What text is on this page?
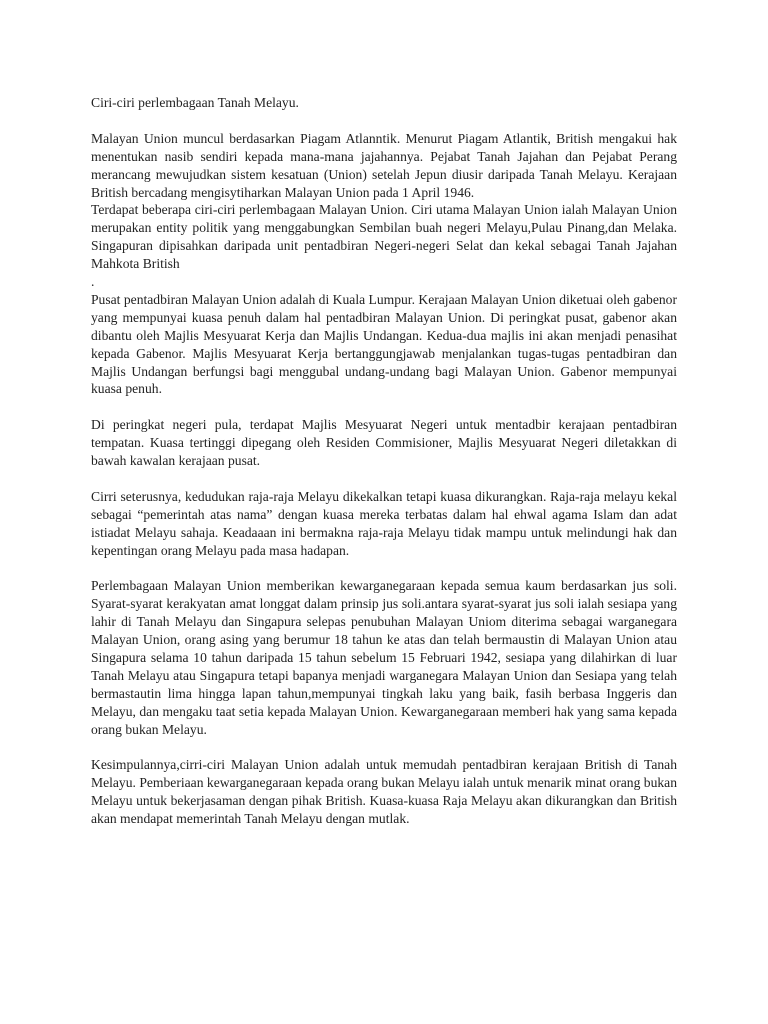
Ciri-ciri perlembagaan Tanah Melayu.

Malayan Union muncul berdasarkan Piagam Atlanntik. Menurut Piagam Atlantik, British mengakui hak menentukan nasib sendiri kepada mana-mana jajahannya. Pejabat Tanah Jajahan dan Pejabat Perang merancang mewujudkan sistem kesatuan (Union) setelah Jepun diusir daripada Tanah Melayu. Kerajaan British bercadang mengisytiharkan Malayan Union pada 1 April 1946.

Terdapat beberapa ciri-ciri perlembagaan Malayan Union. Ciri utama Malayan Union ialah Malayan Union merupakan entity politik yang menggabungkan Sembilan buah negeri Melayu,Pulau Pinang,dan Melaka. Singapuran dipisahkan daripada unit pentadbiran Negeri-negeri Selat dan kekal sebagai Tanah Jajahan Mahkota British

.

Pusat pentadbiran Malayan Union adalah di Kuala Lumpur. Kerajaan Malayan Union diketuai oleh gabenor yang mempunyai kuasa penuh dalam hal pentadbiran Malayan Union. Di peringkat pusat, gabenor akan dibantu oleh Majlis Mesyuarat Kerja dan Majlis Undangan. Kedua-dua majlis ini akan menjadi penasihat kepada Gabenor. Majlis Mesyuarat Kerja bertanggungjawab menjalankan tugas-tugas pentadbiran dan Majlis Undangan berfungsi bagi menggubal undang-undang bagi Malayan Union. Gabenor mempunyai kuasa penuh.

Di peringkat negeri pula, terdapat Majlis Mesyuarat Negeri untuk mentadbir kerajaan pentadbiran tempatan. Kuasa tertinggi dipegang oleh Residen Commisioner, Majlis Mesyuarat Negeri diletakkan di bawah kawalan kerajaan pusat.

Cirri seterusnya, kedudukan raja-raja Melayu dikekalkan tetapi kuasa dikurangkan. Raja-raja melayu kekal sebagai “pemerintah atas nama” dengan kuasa mereka terbatas dalam hal ehwal agama Islam dan adat istiadat Melayu sahaja. Keadaaan ini bermakna raja-raja Melayu tidak mampu untuk melindungi hak dan kepentingan orang Melayu pada masa hadapan.

Perlembagaan Malayan Union memberikan kewarganegaraan kepada semua kaum berdasarkan jus soli. Syarat-syarat kerakyatan amat longgat dalam prinsip jus soli.antara syarat-syarat jus soli ialah sesiapa yang lahir di Tanah Melayu dan Singapura selepas penubuhan Malayan Uniom diterima sebagai warganegara Malayan Union, orang asing yang berumur 18 tahun ke atas dan telah bermaustin di Malayan Union atau Singapura selama 10 tahun daripada 15 tahun sebelum 15 Februari 1942, sesiapa yang dilahirkan di luar Tanah Melayu atau Singapura tetapi bapanya menjadi warganegara Malayan Union dan Sesiapa yang telah bermastautin lima hingga lapan tahun,mempunyai tingkah laku yang baik, fasih berbasa Inggeris dan Melayu, dan mengaku taat setia kepada Malayan Union. Kewarganegaraan memberi hak yang sama kepada orang bukan Melayu.

Kesimpulannya,cirri-ciri Malayan Union adalah untuk memudah pentadbiran kerajaan British di Tanah Melayu. Pemberiaan kewarganegaraan kepada orang bukan Melayu ialah untuk menarik minat orang bukan Melayu untuk bekerjasaman dengan pihak British. Kuasa-kuasa Raja Melayu akan dikurangkan dan British akan mendapat memerintah Tanah Melayu dengan mutlak.
